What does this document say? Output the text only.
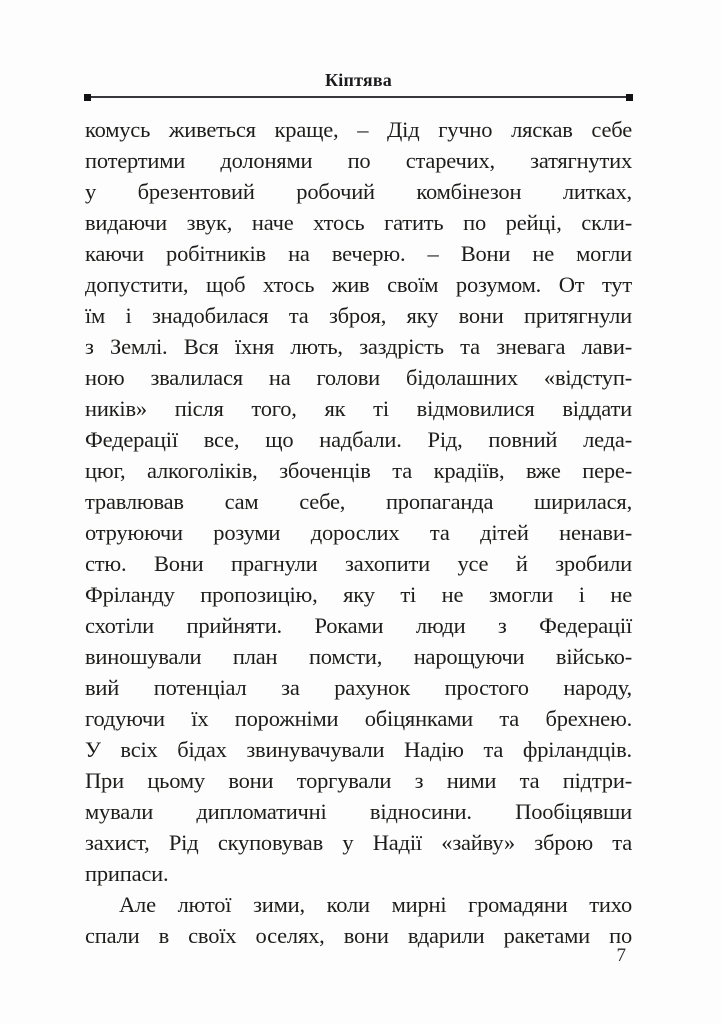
Кіптява
комусь живеться краще, – Дід гучно ляскав себе
потертими долонями по старечих, затягнутих
у брезентовий робочий комбінезон литках,
видаючи звук, наче хтось гатить по рейці, скли-
каючи робітників на вечерю. – Вони не могли
допустити, щоб хтось жив своїм розумом. От тут
їм і знадобилася та зброя, яку вони притягнули
з Землі. Вся їхня лють, заздрість та зневага лави-
ною звалилася на голови бідолашних «відступ-
ників» після того, як ті відмовилися віддати
Федерації все, що надбали. Рід, повний леда-
цюг, алкоголіків, збоченців та крадіїв, вже пере-
травлював сам себе, пропаганда ширилася,
отруюючи розуми дорослих та дітей ненави-
стю. Вони прагнули захопити усе й зробили
Фріланду пропозицію, яку ті не змогли і не
схотіли прийняти. Роками люди з Федерації
виношували план помсти, нарощуючи військо-
вий потенціал за рахунок простого народу,
годуючи їх порожніми обіцянками та брехнею.
У всіх бідах звинувачували Надію та фріландців.
При цьому вони торгували з ними та підтри-
мували дипломатичні відносини. Пообіцявши
захист, Рід скуповував у Надії «зайву» зброю та
припаси.
Але лютої зими, коли мирні громадяни тихо
спали в своїх оселях, вони вдарили ракетами по
7
